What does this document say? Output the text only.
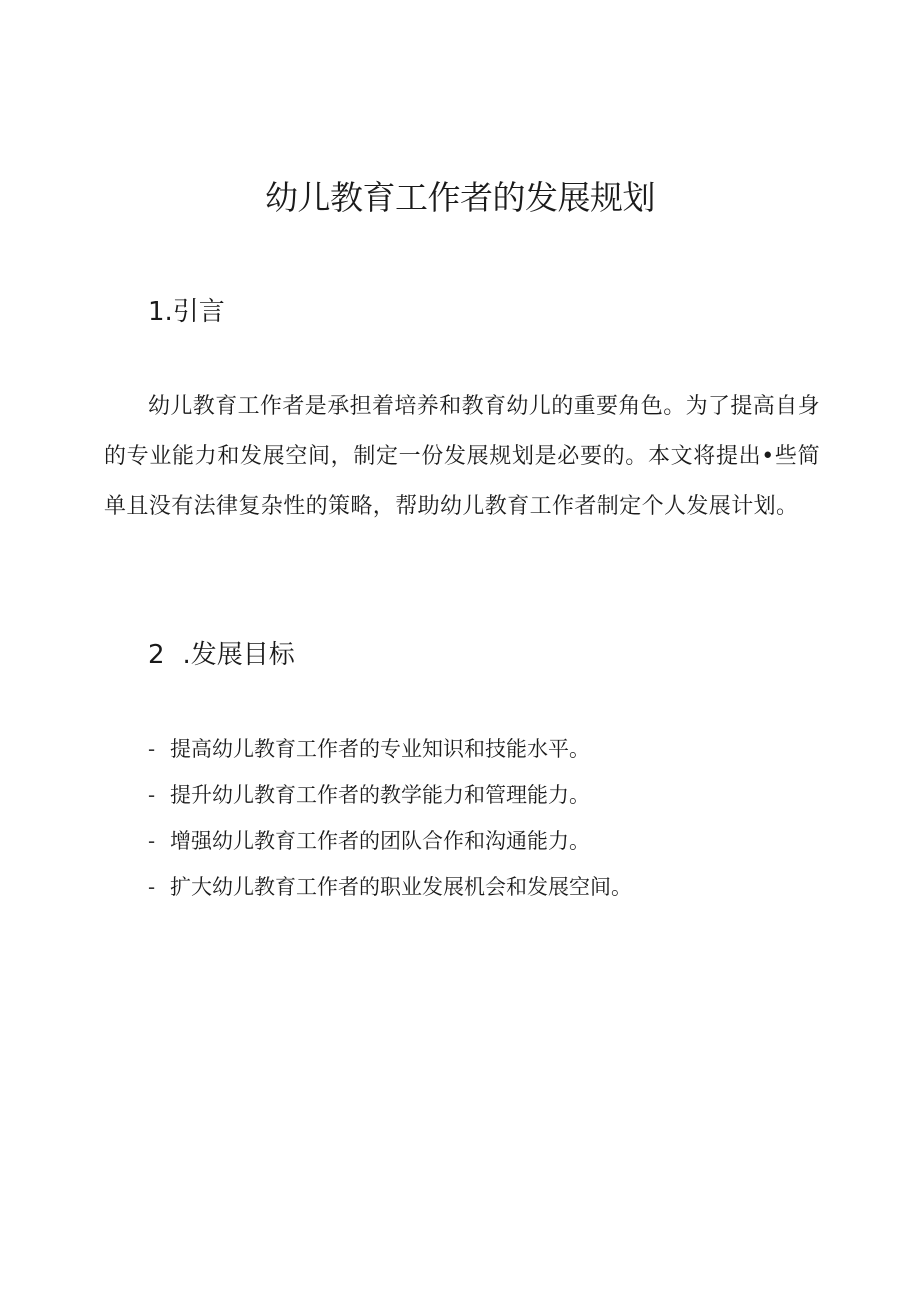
幼儿教育工作者的发展规划
1.引言

幼儿教育工作者是承担着培养和教育幼儿的重要角色。为了提高自身的专业能力和发展空间，制定一份发展规划是必要的。本文将提出•些简单且没有法律复杂性的策略，帮助幼儿教育工作者制定个人发展计划。

2 .发展目标
- 提高幼儿教育工作者的专业知识和技能水平。
- 提升幼儿教育工作者的教学能力和管理能力。
- 增强幼儿教育工作者的团队合作和沟通能力。
- 扩大幼儿教育工作者的职业发展机会和发展空间。
